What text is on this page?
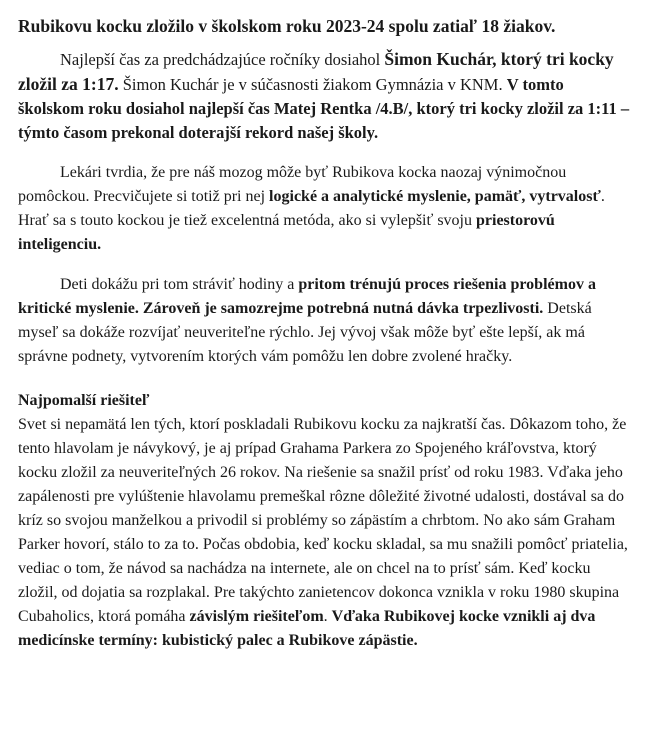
Rubikovu kocku zložilo v školskom roku 2023-24 spolu zatiaľ 18 žiakov.

Najlepší čas za predchádzajúce ročníky dosiahol Šimon Kuchár, ktorý tri kocky zložil za 1:17. Šimon Kuchár je v súčasnosti žiakom Gymnázia v KNM. V tomto školskom roku dosiahol najlepší čas Matej Rentka /4.B/, ktorý tri kocky zložil za 1:11 – týmto časom prekonal doterajší rekord našej školy.

Lekári tvrdia, že pre náš mozog môže byť Rubikova kocka naozaj výnimočnou pomôckou. Precvičujete si totiž pri nej logické a analytické myslenie, pamäť, vytrvalosť. Hrať sa s touto kockou je tiež excelentná metóda, ako si vylepšiť svoju priestorovú inteligenciu.

Deti dokážu pri tom stráviť hodiny a pritom trénujú proces riešenia problémov a kritické myslenie. Zároveň je samozrejme potrebná nutná dávka trpezlivosti. Detská myseľ sa dokáže rozvíjať neuveriteľne rýchlo. Jej vývoj však môže byť ešte lepší, ak má správne podnety, vytvorením ktorých vám pomôžu len dobre zvolené hračky.

Najpomalší riešiteľ

Svet si nepamätá len tých, ktorí poskladali Rubikovu kocku za najkratší čas. Dôkazom toho, že tento hlavolam je návykový, je aj prípad Grahama Parkera zo Spojeného kráľovstva, ktorý kocku zložil za neuveriteľných 26 rokov. Na riešenie sa snažil prísť od roku 1983. Vďaka jeho zapálenosti pre vylúštenie hlavolamu premeškal rôzne dôležité životné udalosti, dostával sa do kríz so svojou manželkou a privodil si problémy so zápästím a chrbtom. No ako sám Graham Parker hovorí, stálo to za to. Počas obdobia, keď kocku skladal, sa mu snažili pomôcť priatelia, vediac o tom, že návod sa nachádza na internete, ale on chcel na to prísť sám. Keď kocku zložil, od dojatia sa rozplakal. Pre takýchto zanietencov dokonca vznikla v roku 1980 skupina Cubaholics, ktorá pomáha závislým riešiteľom. Vďaka Rubikovej kocke vznikli aj dva medicínske termíny: kubistický palec a Rubikove zápästie.
